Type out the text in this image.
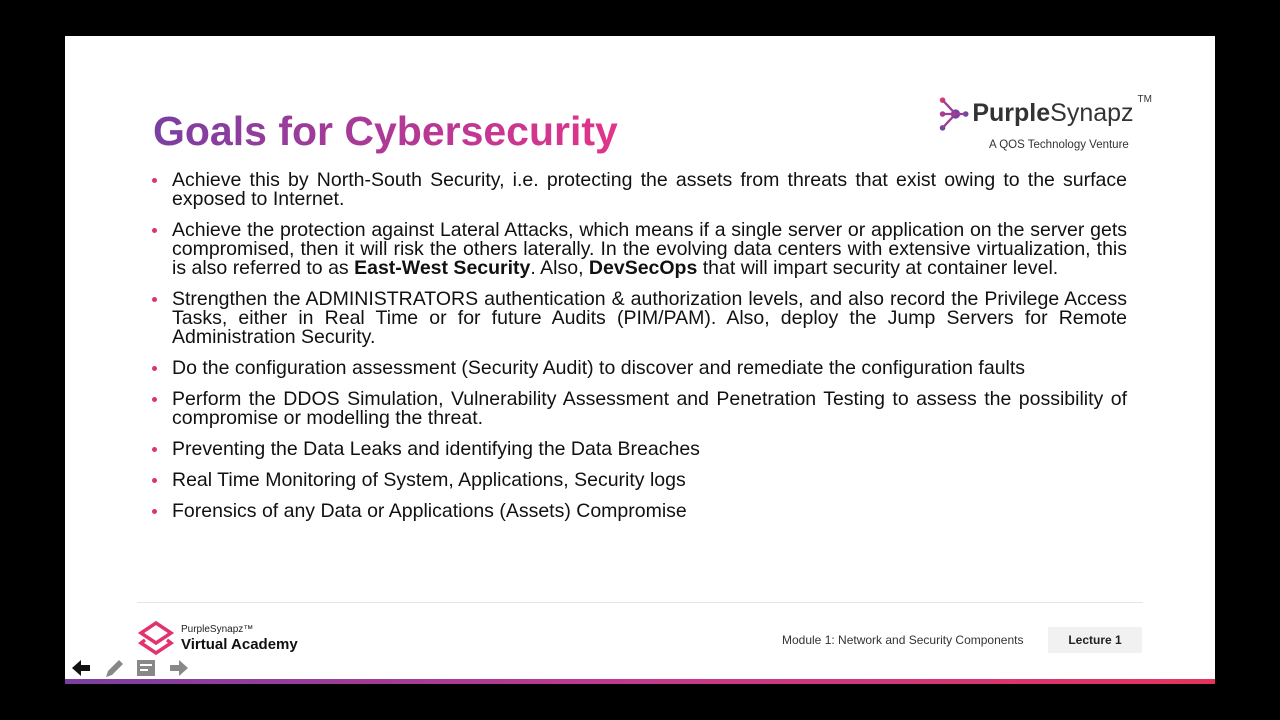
Goals for Cybersecurity	PurpleSynapz TM
A QOS Technology Venture
Achieve this by North-South Security, i.e. protecting the assets from threats that exist owing to the surface exposed to Internet.
Achieve the protection against Lateral Attacks, which means if a single server or application on the server gets compromised, then it will risk the others laterally. In the evolving data centers with extensive virtualization, this is also referred to as East-West Security. Also, DevSecOps that will impart security at container level.
Strengthen the ADMINISTRATORS authentication & authorization levels, and also record the Privilege Access Tasks, either in Real Time or for future Audits (PIM/PAM). Also, deploy the Jump Servers for Remote Administration Security.
Do the configuration assessment (Security Audit) to discover and remediate the configuration faults
Perform the DDOS Simulation, Vulnerability Assessment and Penetration Testing to assess the possibility of compromise or modelling the threat.
Preventing the Data Leaks and identifying the Data Breaches
Real Time Monitoring of System, Applications, Security logs
Forensics of any Data or Applications (Assets) Compromise
PurpleSynapz™
Virtual Academy	Module 1: Network and Security Components	Lecture 1
